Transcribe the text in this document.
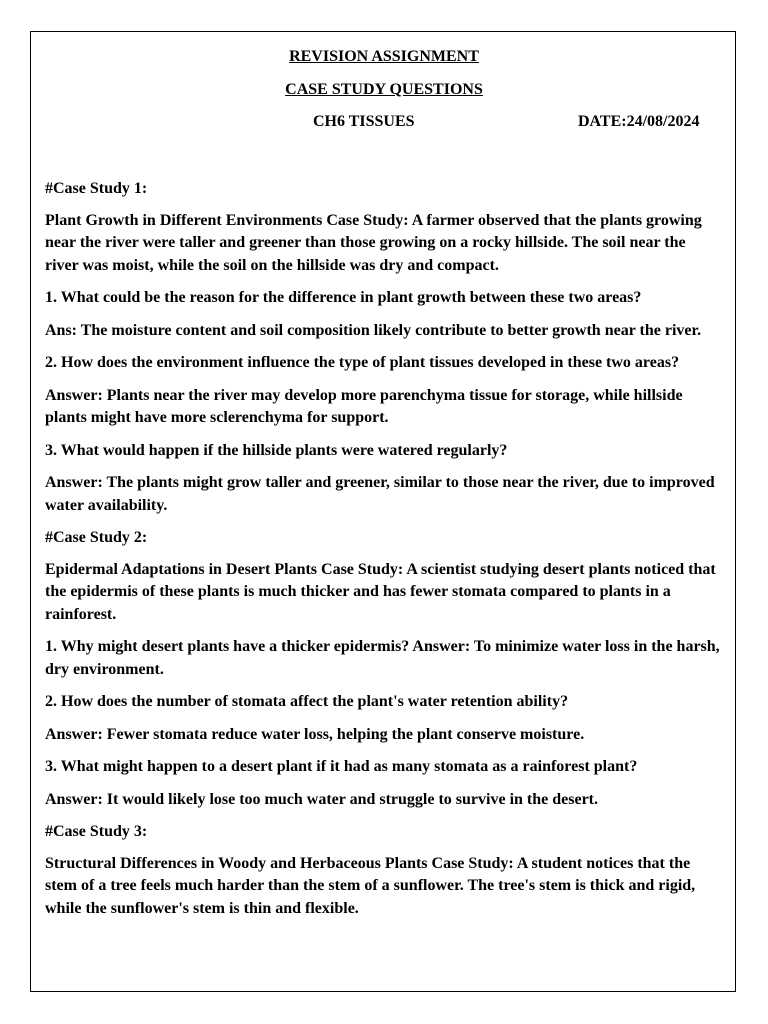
REVISION ASSIGNMENT
CASE STUDY QUESTIONS
CH6 TISSUES	DATE:24/08/2024

#Case Study 1:

Plant Growth in Different Environments Case Study: A farmer observed that the plants growing near the river were taller and greener than those growing on a rocky hillside. The soil near the river was moist, while the soil on the hillside was dry and compact.

1. What could be the reason for the difference in plant growth between these two areas?

Ans: The moisture content and soil composition likely contribute to better growth near the river.

2. How does the environment influence the type of plant tissues developed in these two areas?

Answer: Plants near the river may develop more parenchyma tissue for storage, while hillside plants might have more sclerenchyma for support.

3. What would happen if the hillside plants were watered regularly?

Answer: The plants might grow taller and greener, similar to those near the river, due to improved water availability.

#Case Study 2:

Epidermal Adaptations in Desert Plants Case Study: A scientist studying desert plants noticed that the epidermis of these plants is much thicker and has fewer stomata compared to plants in a rainforest.

1. Why might desert plants have a thicker epidermis? Answer: To minimize water loss in the harsh, dry environment.

2. How does the number of stomata affect the plant's water retention ability?

Answer: Fewer stomata reduce water loss, helping the plant conserve moisture.

3. What might happen to a desert plant if it had as many stomata as a rainforest plant?

Answer: It would likely lose too much water and struggle to survive in the desert.

#Case Study 3:

Structural Differences in Woody and Herbaceous Plants Case Study: A student notices that the stem of a tree feels much harder than the stem of a sunflower. The tree's stem is thick and rigid, while the sunflower's stem is thin and flexible.
